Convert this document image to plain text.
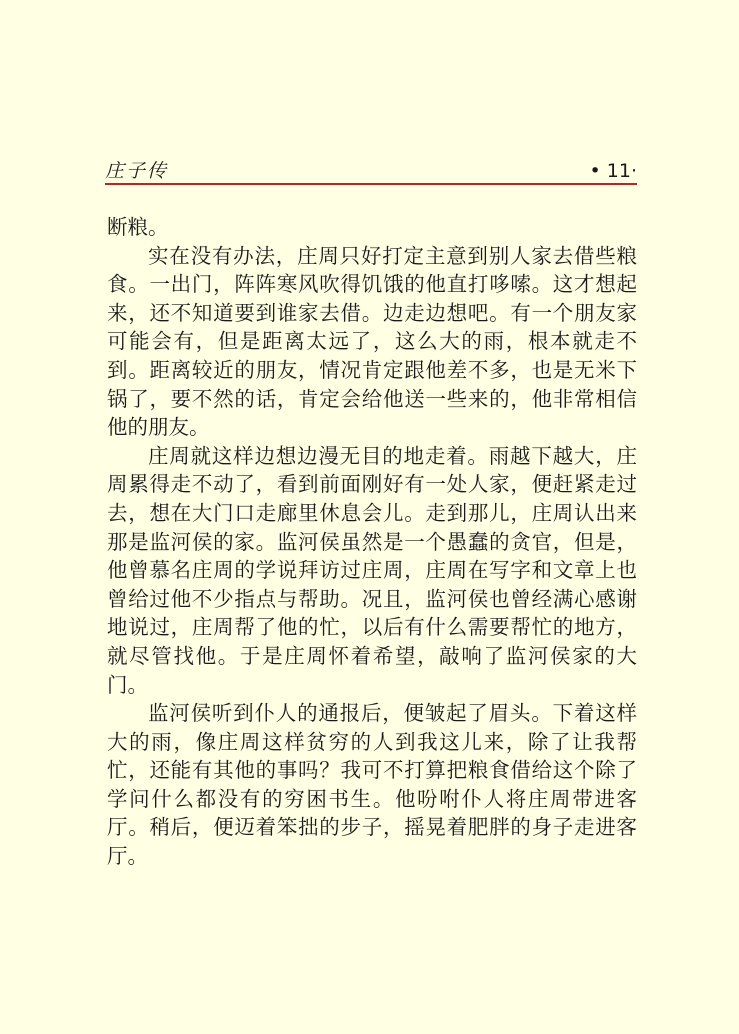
庄子传	• 11·

断粮。

实在没有办法，庄周只好打定主意到别人家去借些粮食。一出门，阵阵寒风吹得饥饿的他直打哆嗦。这才想起来，还不知道要到谁家去借。边走边想吧。有一个朋友家可能会有，但是距离太远了，这么大的雨，根本就走不到。距离较近的朋友，情况肯定跟他差不多，也是无米下锅了，要不然的话，肯定会给他送一些来的，他非常相信他的朋友。

庄周就这样边想边漫无目的地走着。雨越下越大，庄周累得走不动了，看到前面刚好有一处人家，便赶紧走过去，想在大门口走廊里休息会儿。走到那儿，庄周认出来那是监河侯的家。监河侯虽然是一个愚蠢的贪官，但是，他曾慕名庄周的学说拜访过庄周，庄周在写字和文章上也曾给过他不少指点与帮助。况且，监河侯也曾经满心感谢地说过，庄周帮了他的忙，以后有什么需要帮忙的地方，就尽管找他。于是庄周怀着希望，敲响了监河侯家的大门。

监河侯听到仆人的通报后，便皱起了眉头。下着这样大的雨，像庄周这样贫穷的人到我这儿来，除了让我帮忙，还能有其他的事吗？我可不打算把粮食借给这个除了学问什么都没有的穷困书生。他吩咐仆人将庄周带进客厅。稍后，便迈着笨拙的步子，摇晃着肥胖的身子走进客厅。
